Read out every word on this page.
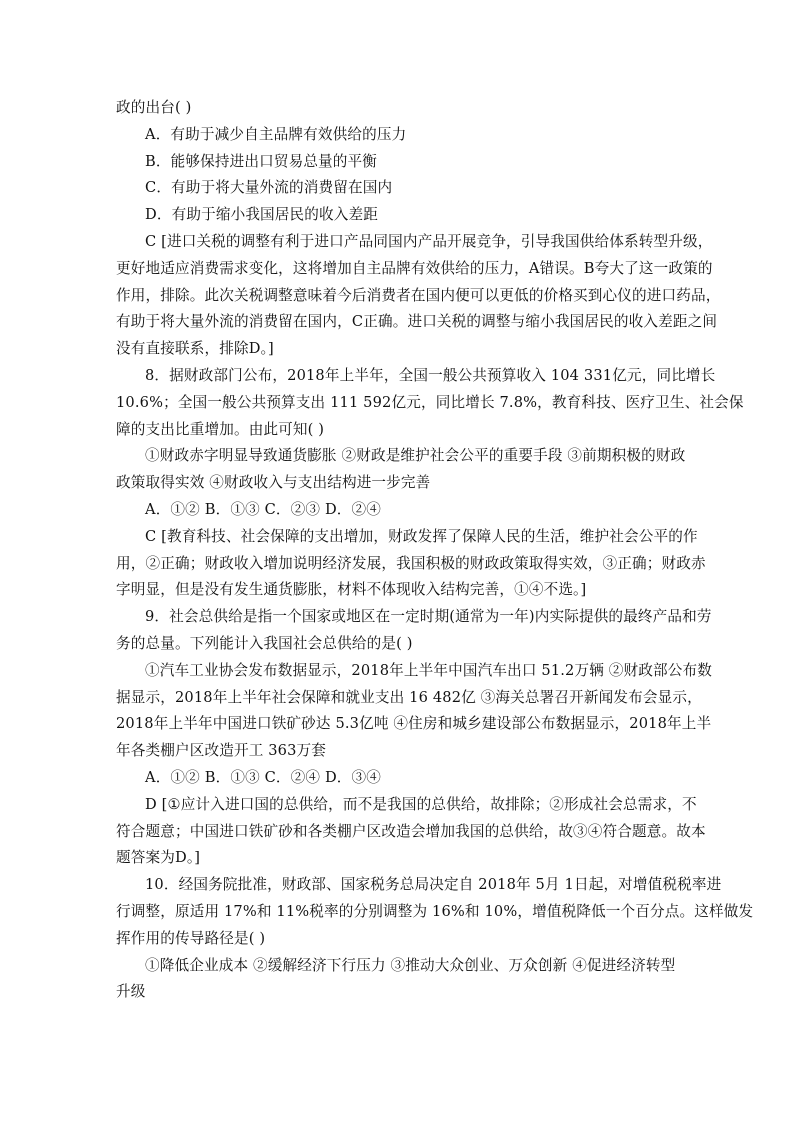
政的出台( )
A．有助于减少自主品牌有效供给的压力
B．能够保持进出口贸易总量的平衡
C．有助于将大量外流的消费留在国内
D．有助于缩小我国居民的收入差距
C [进口关税的调整有利于进口产品同国内产品开展竞争，引导我国供给体系转型升级，
更好地适应消费需求变化，这将增加自主品牌有效供给的压力，A错误。B夸大了这一政策的
作用，排除。此次关税调整意味着今后消费者在国内便可以更低的价格买到心仪的进口药品，
有助于将大量外流的消费留在国内，C正确。进口关税的调整与缩小我国居民的收入差距之间
没有直接联系，排除D。]
8．据财政部门公布，2018年上半年，全国一般公共预算收入 104 331亿元，同比增长
10.6%；全国一般公共预算支出 111 592亿元，同比增长 7.8%，教育科技、医疗卫生、社会保
障的支出比重增加。由此可知( )
①财政赤字明显导致通货膨胀 ②财政是维护社会公平的重要手段 ③前期积极的财政
政策取得实效 ④财政收入与支出结构进一步完善
A．①② B．①③ C．②③ D．②④
C [教育科技、社会保障的支出增加，财政发挥了保障人民的生活，维护社会公平的作
用，②正确；财政收入增加说明经济发展，我国积极的财政政策取得实效，③正确；财政赤
字明显，但是没有发生通货膨胀，材料不体现收入结构完善，①④不选。]
9．社会总供给是指一个国家或地区在一定时期(通常为一年)内实际提供的最终产品和劳
务的总量。下列能计入我国社会总供给的是( )
①汽车工业协会发布数据显示，2018年上半年中国汽车出口 51.2万辆 ②财政部公布数
据显示，2018年上半年社会保障和就业支出 16 482亿 ③海关总署召开新闻发布会显示，
2018年上半年中国进口铁矿砂达 5.3亿吨 ④住房和城乡建设部公布数据显示，2018年上半
年各类棚户区改造开工 363万套
A．①② B．①③ C．②④ D．③④
D [①应计入进口国的总供给，而不是我国的总供给，故排除；②形成社会总需求，不
符合题意；中国进口铁矿砂和各类棚户区改造会增加我国的总供给，故③④符合题意。故本
题答案为D。]
10．经国务院批准，财政部、国家税务总局决定自 2018年 5月 1日起，对增值税税率进
行调整，原适用 17%和 11%税率的分别调整为 16%和 10%，增值税降低一个百分点。这样做发
挥作用的传导路径是( )
①降低企业成本 ②缓解经济下行压力 ③推动大众创业、万众创新 ④促进经济转型
升级
